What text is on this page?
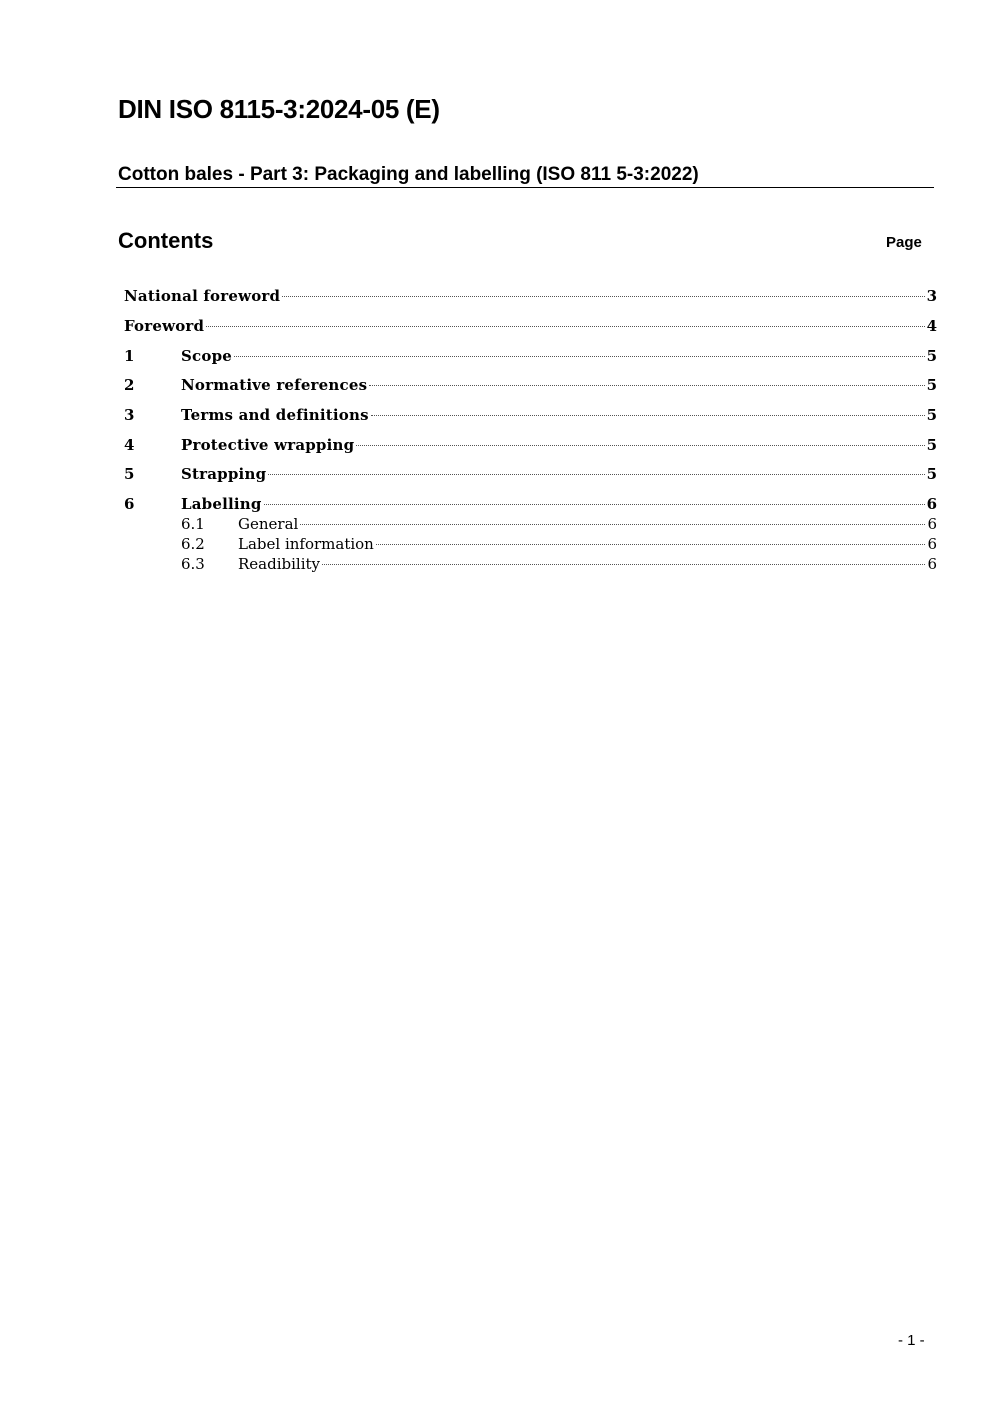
DIN ISO 8115-3:2024-05 (E)
Cotton bales - Part 3: Packaging and labelling (ISO 811 5-3:2022)
Contents	Page
National foreword	3
Foreword	4
1	Scope	5
2	Normative references	5
3	Terms and definitions	5
4	Protective wrapping	5
5	Strapping	5
6	Labelling	6
6.1	General	6
6.2	Label information	6
6.3	Readibility	6
- 1 -
